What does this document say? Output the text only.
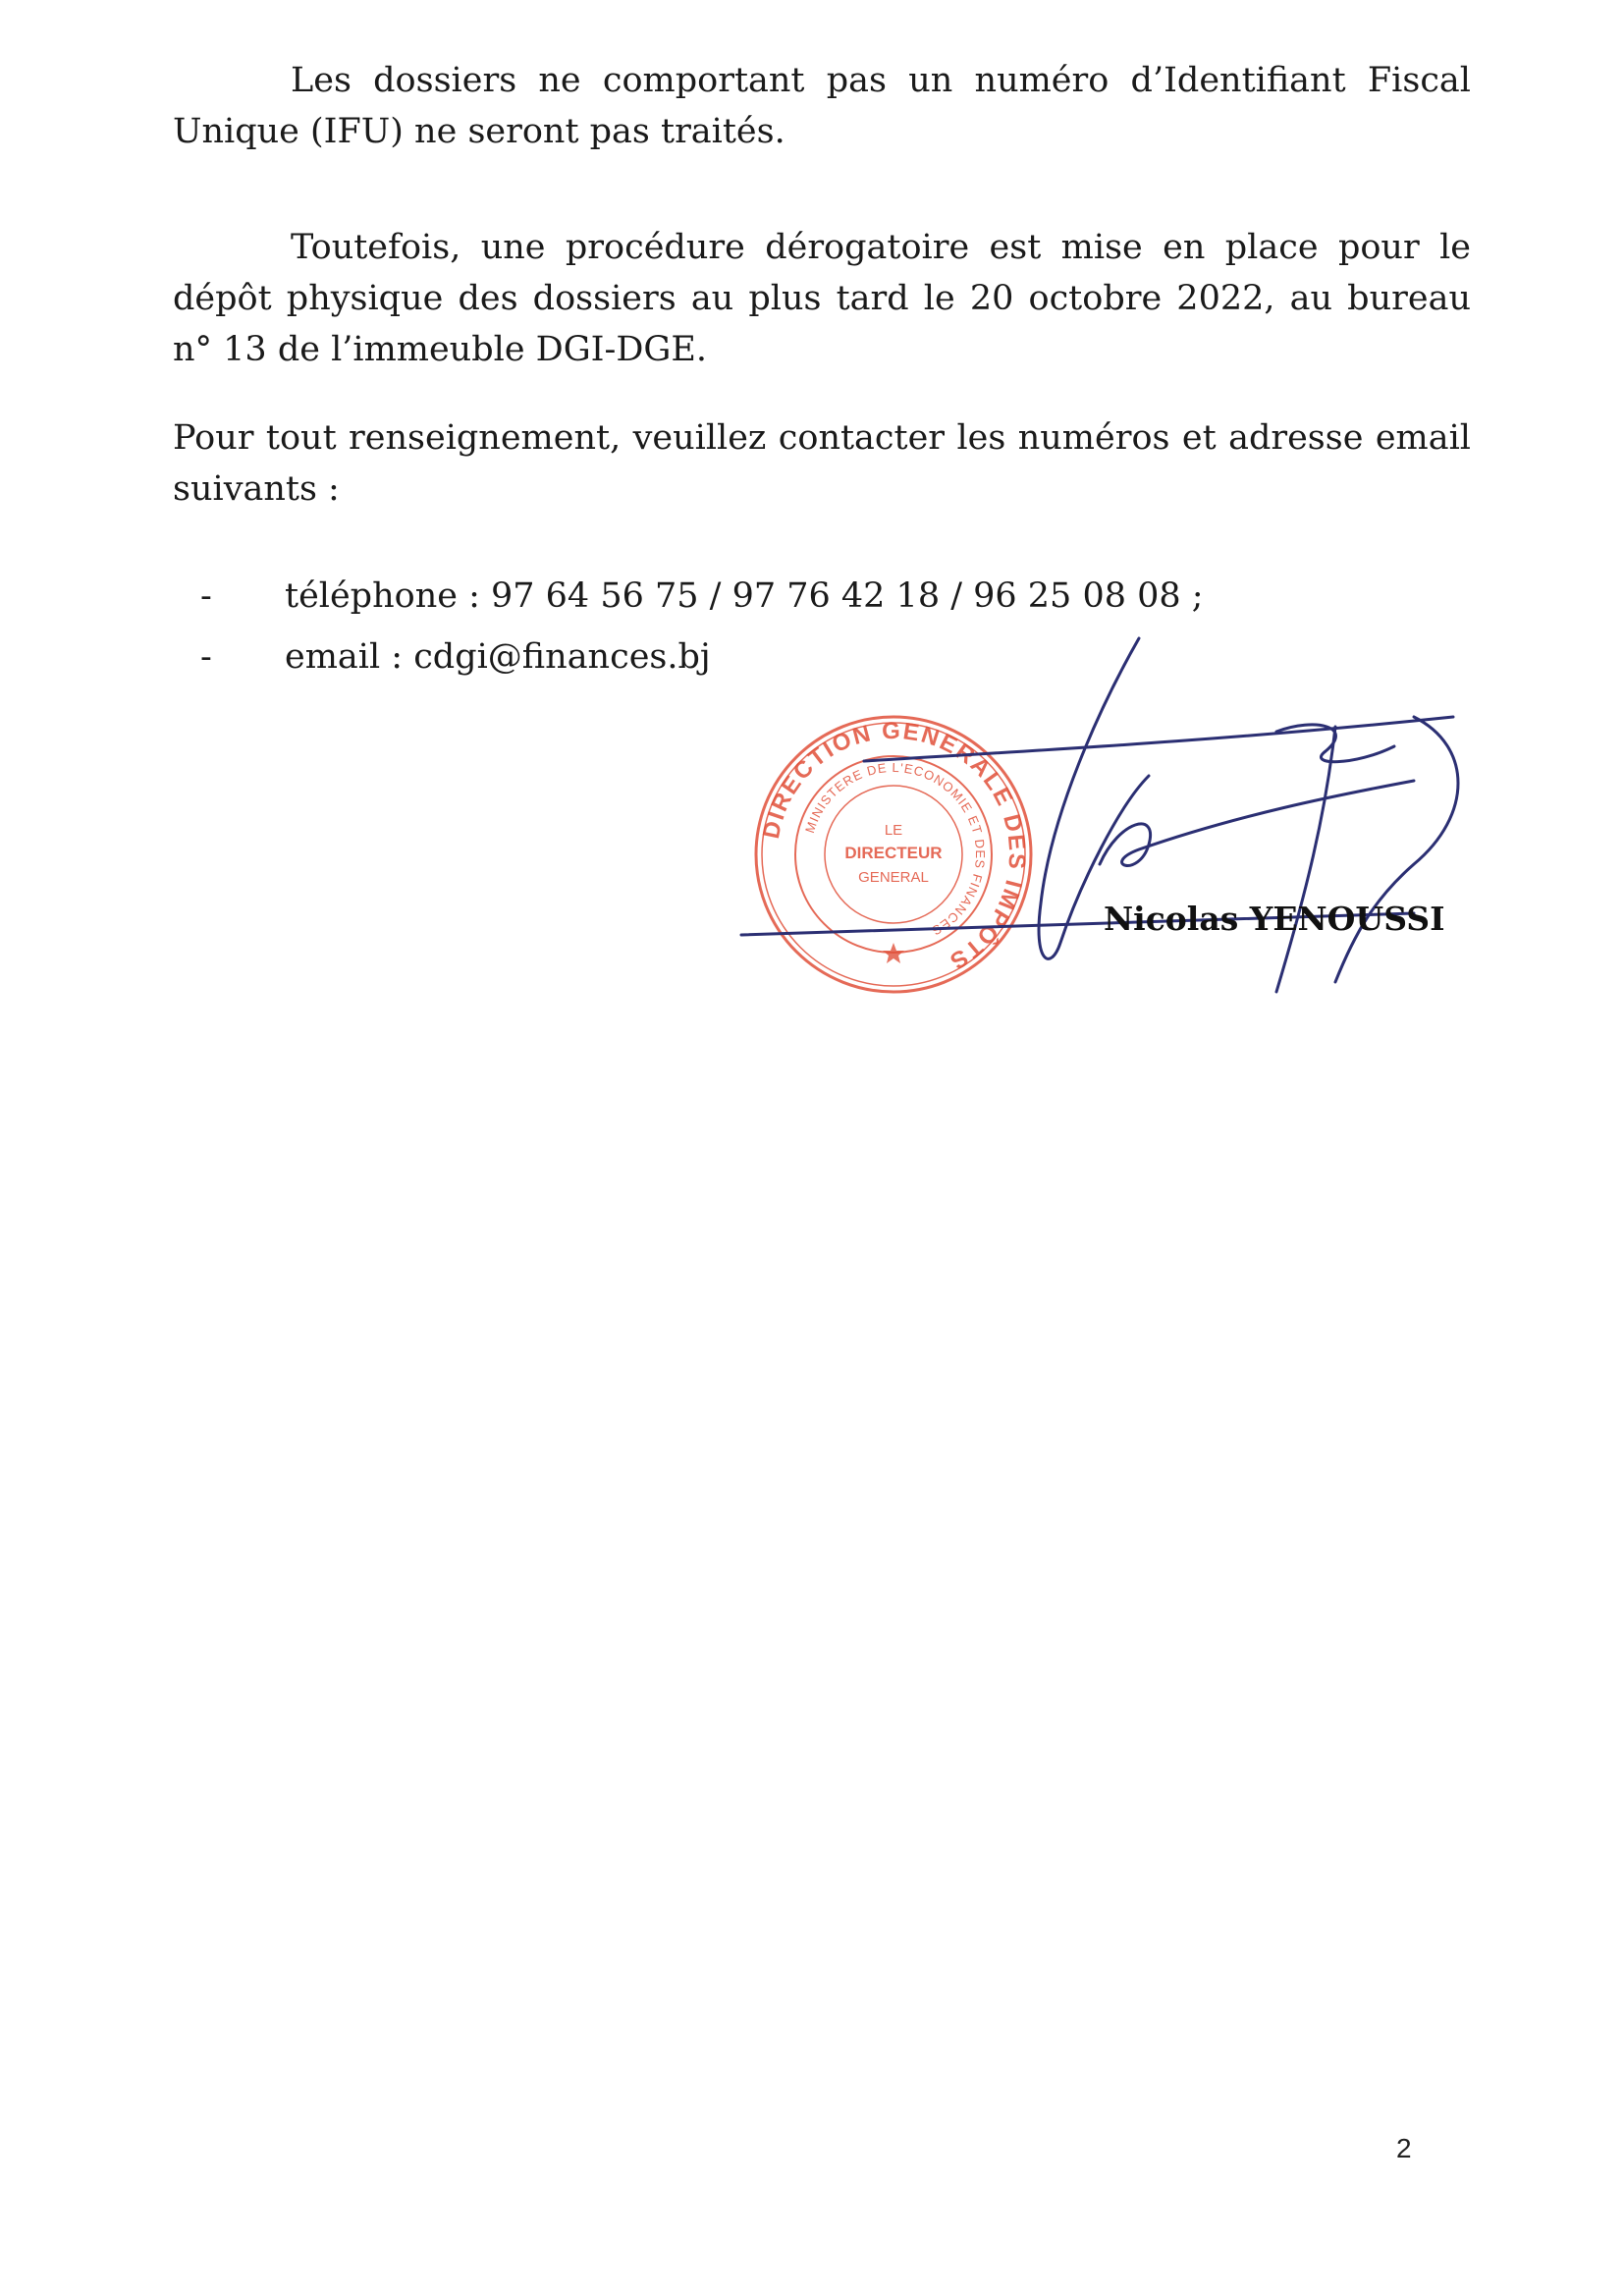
Les dossiers ne comportant pas un numéro d’Identifiant Fiscal Unique (IFU) ne seront pas traités.

Toutefois, une procédure dérogatoire est mise en place pour le dépôt physique des dossiers au plus tard le 20 octobre 2022, au bureau n° 13 de l’immeuble DGI-DGE.

Pour tout renseignement, veuillez contacter les numéros et adresse email suivants :

- téléphone : 97 64 56 75 / 97 76 42 18 / 96 25 08 08 ;
- email : cdgi@finances.bj
DIRECTION GENERALE DES IMPÔTS
MINISTERE DE L'ECONOMIE ET DES FINANCES
LE
DIRECTEUR
GENERAL
Nicolas YENOUSSI
2
